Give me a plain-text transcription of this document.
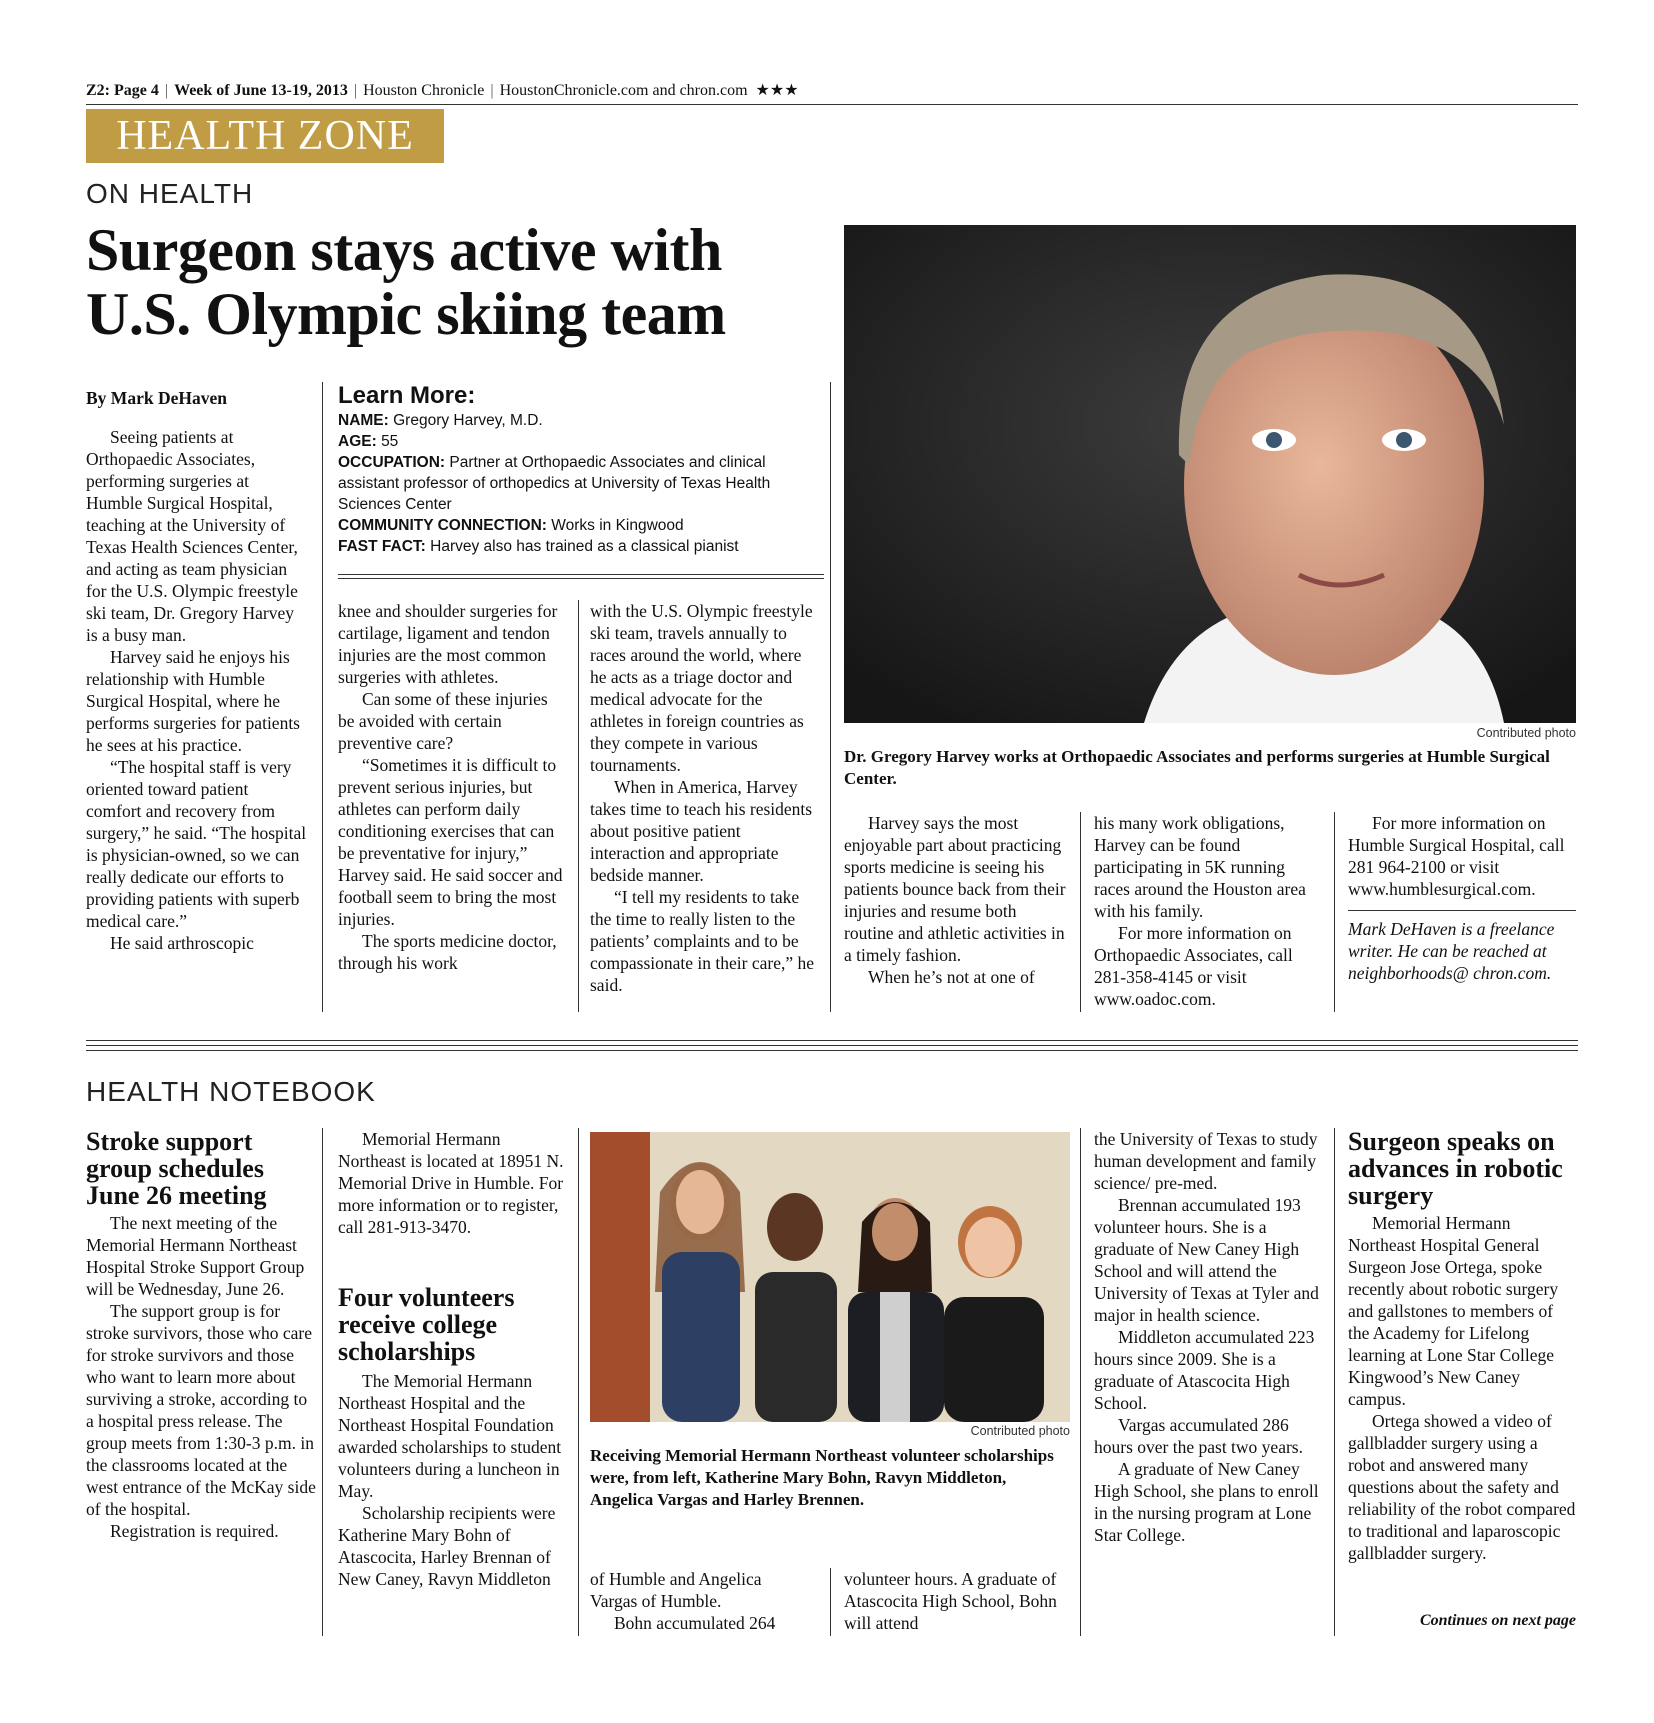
Z2: Page 4 | Week of June 13-19, 2013 | Houston Chronicle | HoustonChronicle.com and chron.com ★★★
HEALTH ZONE
ON HEALTH
Surgeon stays active with
U.S. Olympic skiing team
By Mark DeHaven

Seeing patients at Orthopaedic Associates, performing surgeries at Humble Surgical Hospital, teaching at the University of Texas Health Sciences Center, and acting as team physician for the U.S. Olympic freestyle ski team, Dr. Gregory Harvey is a busy man.

Harvey said he enjoys his relationship with Humble Surgical Hospital, where he performs surgeries for patients he sees at his practice.

“The hospital staff is very oriented toward patient comfort and recovery from surgery,” he said. “The hospital is physician-owned, so we can really dedicate our efforts to providing patients with superb medical care.”

He said arthroscopic

Learn More:
NAME: Gregory Harvey, M.D.
AGE: 55
OCCUPATION: Partner at Orthopaedic Associates and clinical assistant professor of orthopedics at University of Texas Health Sciences Center
COMMUNITY CONNECTION: Works in Kingwood
FAST FACT: Harvey also has trained as a classical pianist

knee and shoulder surgeries for cartilage, ligament and tendon injuries are the most common surgeries with athletes.

Can some of these injuries be avoided with certain preventive care?

“Sometimes it is difficult to prevent serious injuries, but athletes can perform daily conditioning exercises that can be preventative for injury,” Harvey said. He said soccer and football seem to bring the most injuries.

The sports medicine doctor, through his work

with the U.S. Olympic freestyle ski team, travels annually to races around the world, where he acts as a triage doctor and medical advocate for the athletes in foreign countries as they compete in various tournaments.

When in America, Harvey takes time to teach his residents about positive patient interaction and appropriate bedside manner.

“I tell my residents to take the time to really listen to the patients’ complaints and to be compassionate in their care,” he said.

Contributed photo
Dr. Gregory Harvey works at Orthopaedic Associates and performs surgeries at Humble Surgical Center.

Harvey says the most enjoyable part about practicing sports medicine is seeing his patients bounce back from their injuries and resume both routine and athletic activities in a timely fashion.

When he’s not at one of

his many work obligations, Harvey can be found participating in 5K running races around the Houston area with his family.

For more information on Orthopaedic Associates, call 281-358-4145 or visit www.oadoc.com.

For more information on Humble Surgical Hospital, call 281 964-2100 or visit www.humblesurgical.com.

Mark DeHaven is a freelance writer. He can be reached at neighborhoods@ chron.com.
HEALTH NOTEBOOK
Stroke support group schedules June 26 meeting

The next meeting of the Memorial Hermann Northeast Hospital Stroke Support Group will be Wednesday, June 26.

The support group is for stroke survivors, those who care for stroke survivors and those who want to learn more about surviving a stroke, according to a hospital press release. The group meets from 1:30-3 p.m. in the classrooms located at the west entrance of the McKay side of the hospital.

Registration is required.

Memorial Hermann Northeast is located at 18951 N. Memorial Drive in Humble. For more information or to register, call 281-913-3470.

Four volunteers receive college scholarships

The Memorial Hermann Northeast Hospital and the Northeast Hospital Foundation awarded scholarships to student volunteers during a luncheon in May.

Scholarship recipients were Katherine Mary Bohn of Atascocita, Harley Brennan of New Caney, Ravyn Middleton

Contributed photo
Receiving Memorial Hermann Northeast volunteer scholarships were, from left, Katherine Mary Bohn, Ravyn Middleton, Angelica Vargas and Harley Brennen.

of Humble and Angelica Vargas of Humble.

Bohn accumulated 264

volunteer hours. A graduate of Atascocita High School, Bohn will attend

the University of Texas to study human development and family science/ pre-med.

Brennan accumulated 193 volunteer hours. She is a graduate of New Caney High School and will attend the University of Texas at Tyler and major in health science.

Middleton accumulated 223 hours since 2009. She is a graduate of Atascocita High School.

Vargas accumulated 286 hours over the past two years.

A graduate of New Caney High School, she plans to enroll in the nursing program at Lone Star College.

Surgeon speaks on advances in robotic surgery

Memorial Hermann Northeast Hospital General Surgeon Jose Ortega, spoke recently about robotic surgery and gallstones to members of the Academy for Lifelong learning at Lone Star College Kingwood’s New Caney campus.

Ortega showed a video of gallbladder surgery using a robot and answered many questions about the safety and reliability of the robot compared to traditional and laparoscopic gallbladder surgery.

Continues on next page
